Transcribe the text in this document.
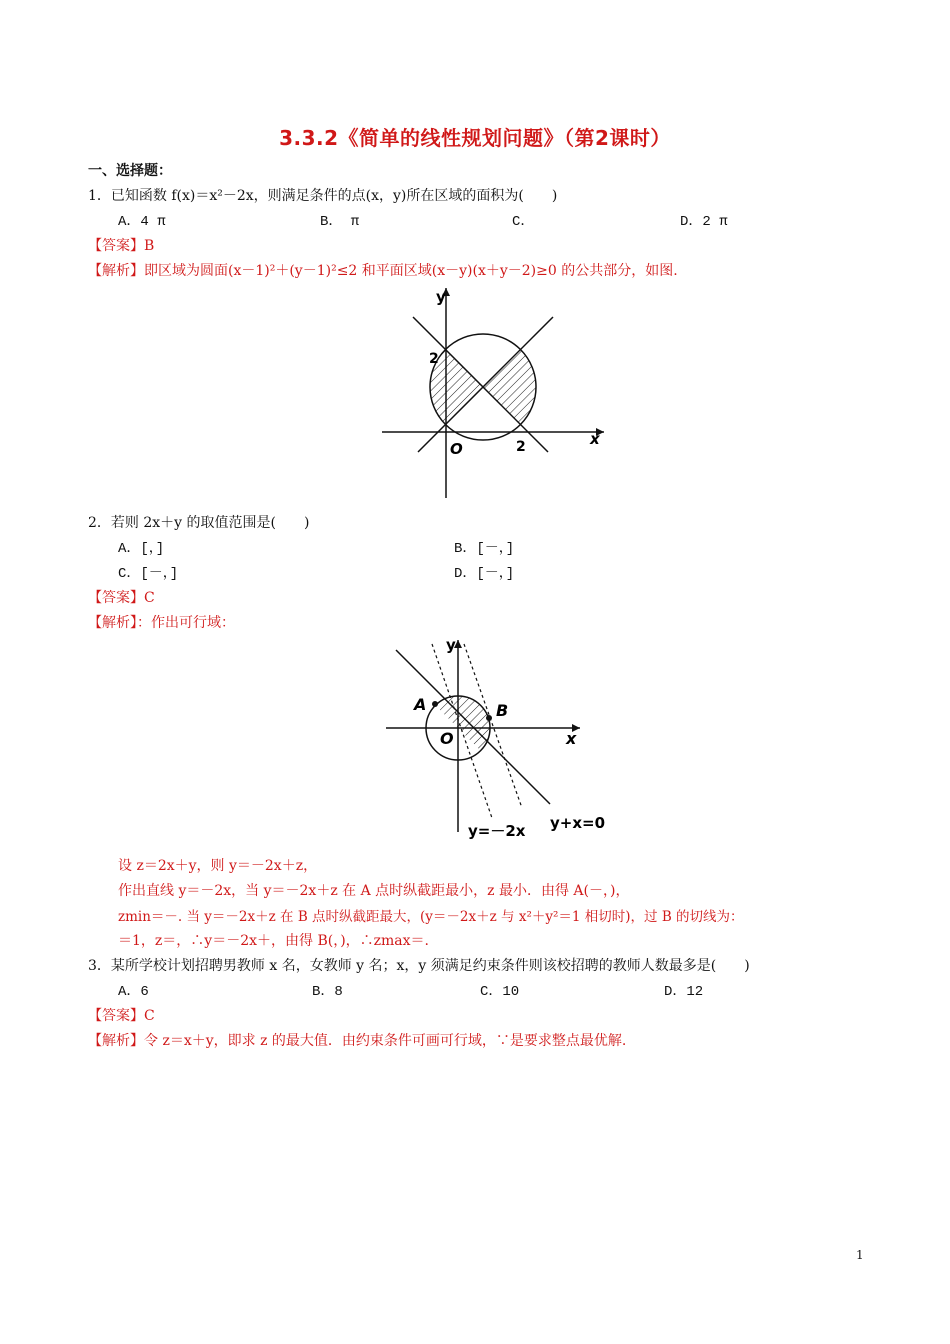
3.3.2《简单的线性规划问题》（第2课时）
一、选择题：
1．已知函数 f(x)＝x²－2x，则满足条件的点(x，y)所在区域的面积为(　　)
A．4 π	B． π	C．	D．2 π
【答案】B
【解析】即区域为圆面(x－1)²＋(y－1)²≤2 和平面区域(x－y)(x＋y－2)≥0 的公共部分，如图.
y
x
O	2
2
2．若则 2x＋y 的取值范围是(　　)
A．[，]	B．[－，]
C．[－，]	D．[－，]
【答案】C
【解析】：作出可行域：
y
x
O
A	B
y=－2x y+x=0
设 z＝2x＋y，则 y＝－2x＋z，
作出直线 y＝－2x，当 y＝－2x＋z 在 A 点时纵截距最小，z 最小．由得 A(－，)，
zmin＝－. 当 y＝－2x＋z 在 B 点时纵截距最大，(y＝－2x＋z 与 x²＋y²＝1 相切时)，过 B 的切线为：
＝1，z＝，∴y＝－2x＋，由得 B(，)，∴zmax＝.
3．某所学校计划招聘男教师 x 名，女教师 y 名；x，y 须满足约束条件则该校招聘的教师人数最多是(　　)
A．6	B．8	C．10	D．12
【答案】C
【解析】令 z＝x＋y，即求 z 的最大值．由约束条件可画可行域，∵是要求整点最优解.
1
